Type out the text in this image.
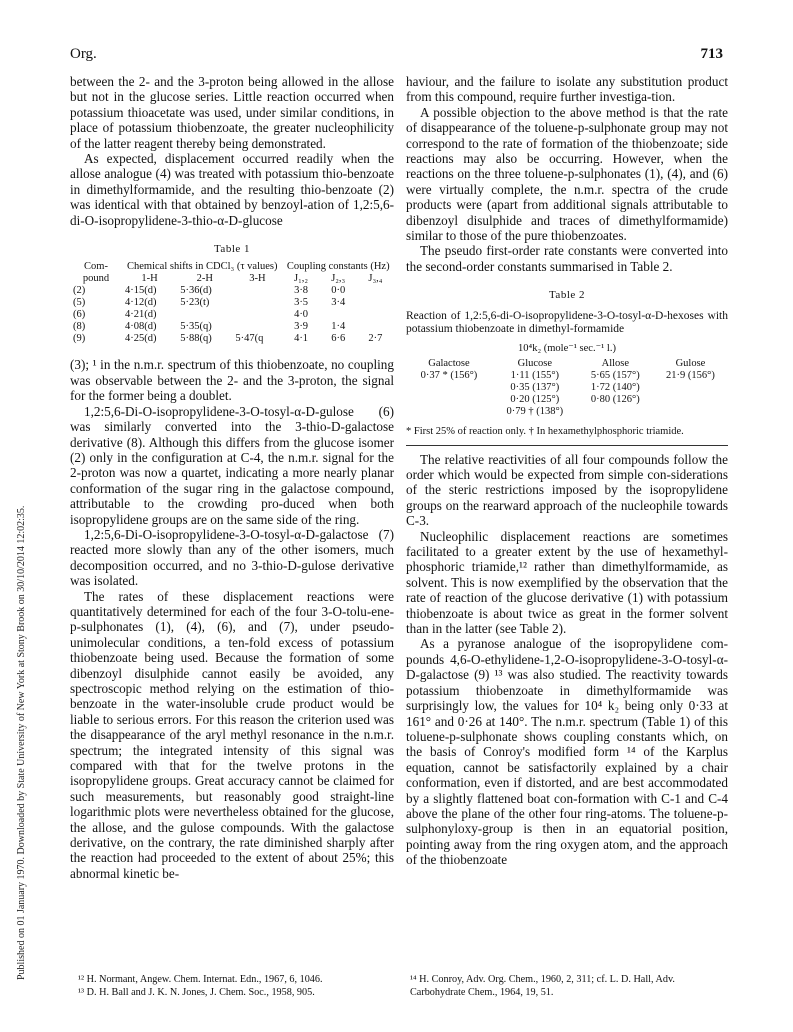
Org.	713
Published on 01 January 1970. Downloaded by State University of New York at Stony Brook on 30/10/2014 12:02:35.

between the 2- and the 3-proton being allowed in the allose but not in the glucose series. Little reaction occurred when potassium thioacetate was used, under similar conditions, in place of potassium thiobenzoate, the greater nucleophilicity of the latter reagent thereby being demonstrated.

As expected, displacement occurred readily when the allose analogue (4) was treated with potassium thio-benzoate in dimethylformamide, and the resulting thio-benzoate (2) was identical with that obtained by benzoyl-ation of 1,2:5,6-di-O-isopropylidene-3-thio-α-D-glucose

Table 1
Com-pound	Chemical shifts in CDCl₃ (τ values)			Coupling constants (Hz)		
	1-H	2-H	3-H	J₁,₂	J₂,₃	J₃,₄
(2)	4·15(d)	5·36(d)		3·8	0·0	
(5)	4·12(d)	5·23(t)		3·5	3·4	
(6)	4·21(d)			4·0		
(8)	4·08(d)	5·35(q)		3·9	1·4	
(9)	4·25(d)	5·88(q)	5·47(q	4·1	6·6	2·7

(3); ¹ in the n.m.r. spectrum of this thiobenzoate, no coupling was observable between the 2- and the 3-proton, the signal for the former being a doublet.

1,2:5,6-Di-O-isopropylidene-3-O-tosyl-α-D-gulose (6) was similarly converted into the 3-thio-D-galactose derivative (8). Although this differs from the glucose isomer (2) only in the configuration at C-4, the n.m.r. signal for the 2-proton was now a quartet, indicating a more nearly planar conformation of the sugar ring in the galactose compound, attributable to the crowding pro-duced when both isopropylidene groups are on the same side of the ring.

1,2:5,6-Di-O-isopropylidene-3-O-tosyl-α-D-galactose (7) reacted more slowly than any of the other isomers, much decomposition occurred, and no 3-thio-D-gulose derivative was isolated.

The rates of these displacement reactions were quantitatively determined for each of the four 3-O-tolu-ene-p-sulphonates (1), (4), (6), and (7), under pseudo-unimolecular conditions, a ten-fold excess of potassium thiobenzoate being used. Because the formation of some dibenzoyl disulphide cannot easily be avoided, any spectroscopic method relying on the estimation of thio-benzoate in the water-insoluble crude product would be liable to serious errors. For this reason the criterion used was the disappearance of the aryl methyl resonance in the n.m.r. spectrum; the integrated intensity of this signal was compared with that for the twelve protons in the isopropylidene groups. Great accuracy cannot be claimed for such measurements, but reasonably good straight-line logarithmic plots were nevertheless obtained for the glucose, the allose, and the gulose compounds. With the galactose derivative, on the contrary, the rate diminished sharply after the reaction had proceeded to the extent of about 25%; this abnormal kinetic be-

haviour, and the failure to isolate any substitution product from this compound, require further investiga-tion.

A possible objection to the above method is that the rate of disappearance of the toluene-p-sulphonate group may not correspond to the rate of formation of the thiobenzoate; side reactions may also be occurring. However, when the reactions on the three toluene-p-sulphonates (1), (4), and (6) were virtually complete, the n.m.r. spectra of the crude products were (apart from additional signals attributable to dibenzoyl disulphide and traces of dimethylformamide) similar to those of the pure thiobenzoates.

The pseudo first-order rate constants were converted into the second-order constants summarised in Table 2.

Table 2
Reaction of 1,2:5,6-di-O-isopropylidene-3-O-tosyl-α-D-hexoses with potassium thiobenzoate in dimethyl-formamide
10⁴k₂ (mole⁻¹ sec.⁻¹ l.)
Galactose	Glucose	Allose	Gulose
0·37 * (156°)	1·11 (155°)	5·65 (157°)	21·9 (156°)
	0·35 (137°)	1·72 (140°)	
	0·20 (125°)	0·80 (126°)	
	0·79 † (138°)		
* First 25% of reaction only. † In hexamethylphosphoric triamide.

The relative reactivities of all four compounds follow the order which would be expected from simple con-siderations of the steric restrictions imposed by the isopropylidene groups on the rearward approach of the nucleophile towards C-3.

Nucleophilic displacement reactions are sometimes facilitated to a greater extent by the use of hexamethyl-phosphoric triamide,¹² rather than dimethylformamide, as solvent. This is now exemplified by the observation that the rate of reaction of the glucose derivative (1) with potassium thiobenzoate is about twice as great in the former solvent than in the latter (see Table 2).

As a pyranose analogue of the isopropylidene com-pounds 4,6-O-ethylidene-1,2-O-isopropylidene-3-O-tosyl-α-D-galactose (9) ¹³ was also studied. The reactivity towards potassium thiobenzoate in dimethylformamide was surprisingly low, the values for 10⁴ k₂ being only 0·33 at 161° and 0·26 at 140°. The n.m.r. spectrum (Table 1) of this toluene-p-sulphonate shows coupling constants which, on the basis of Conroy's modified form ¹⁴ of the Karplus equation, cannot be satisfactorily explained by a chair conformation, even if distorted, and are best accommodated by a slightly flattened boat con-formation with C-1 and C-4 above the plane of the other four ring-atoms. The toluene-p-sulphonyloxy-group is then in an equatorial position, pointing away from the ring oxygen atom, and the approach of the thiobenzoate

¹² H. Normant, Angew. Chem. Internat. Edn., 1967, 6, 1046.

¹³ D. H. Ball and J. K. N. Jones, J. Chem. Soc., 1958, 905.

¹⁴ H. Conroy, Adv. Org. Chem., 1960, 2, 311; cf. L. D. Hall, Adv. Carbohydrate Chem., 1964, 19, 51.
